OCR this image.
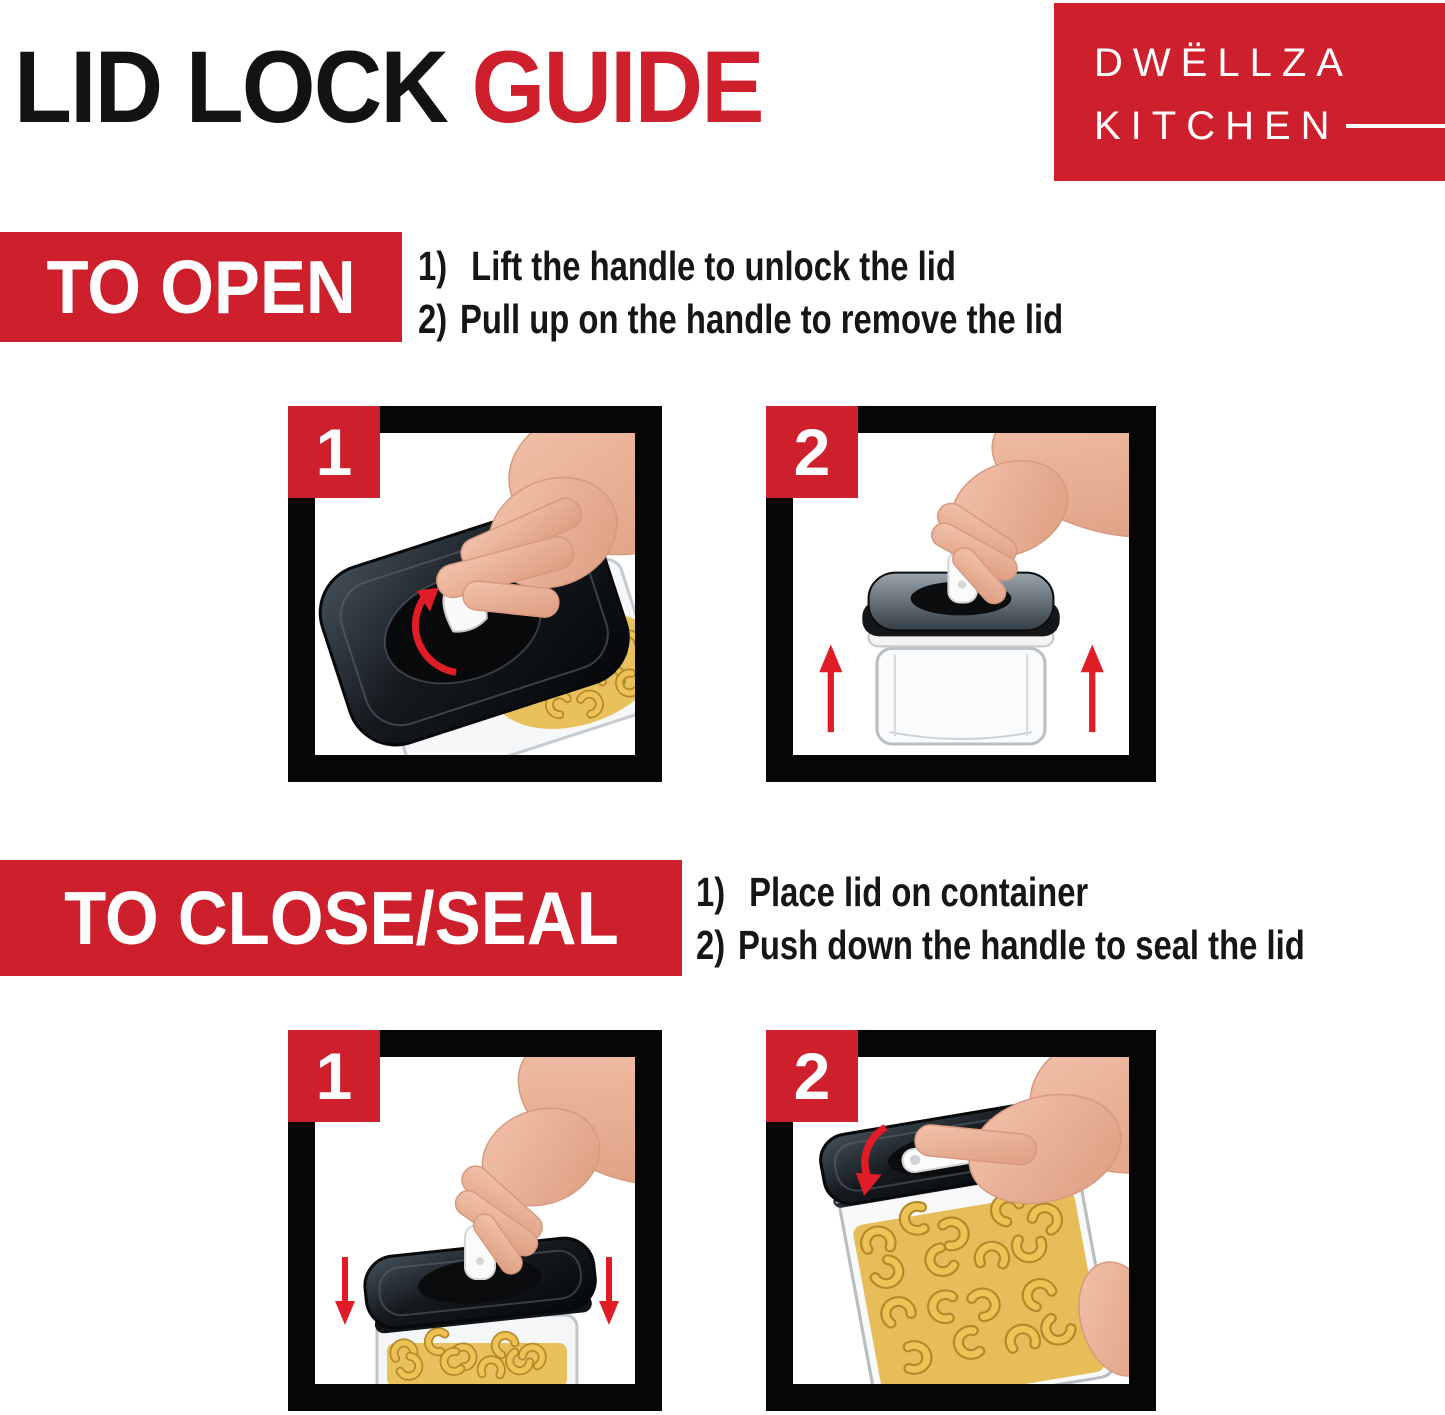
LID LOCK GUIDE	DWËLLZA
KITCHEN
TO OPEN 1) Lift the handle to unlock the lid
2) Pull up on the handle to remove the lid
1	2
TO CLOSE/SEAL 1) Place lid on container
2) Push down the handle to seal the lid
1	2
